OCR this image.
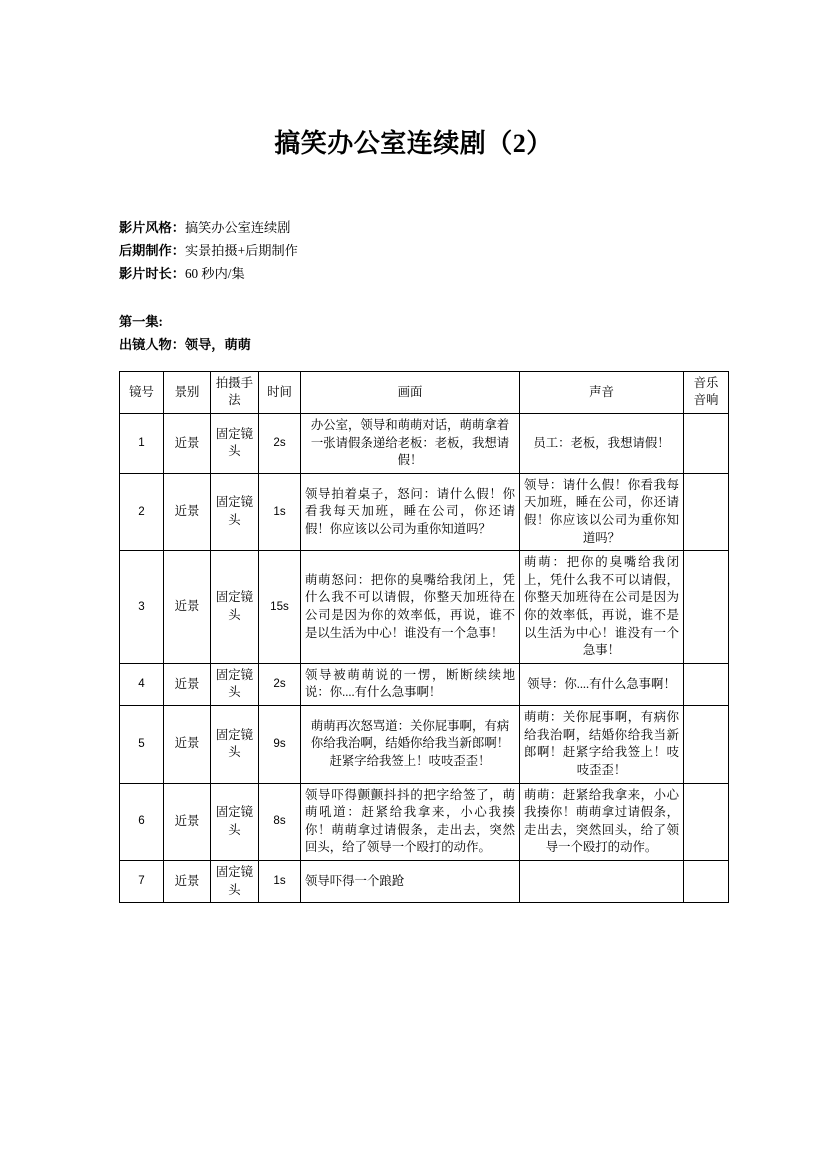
搞笑办公室连续剧（2）
影片风格：搞笑办公室连续剧
后期制作：实景拍摄+后期制作
影片时长：60 秒内/集
第一集:
出镜人物：领导，萌萌
镜号	景别	拍摄手法	时间	画面	声音	音乐音响
1	近景	固定镜头	2s	办公室，领导和萌萌对话，萌萌拿着一张请假条递给老板：老板，我想请假！	员工：老板，我想请假！	
2	近景	固定镜头	1s	领导拍着桌子，怒问：请什么假！你看我每天加班，睡在公司，你还请假！你应该以公司为重你知道吗？	领导：请什么假！你看我每天加班，睡在公司，你还请假！你应该以公司为重你知道吗？	
3	近景	固定镜头	15s	萌萌怒问：把你的臭嘴给我闭上，凭什么我不可以请假，你整天加班待在公司是因为你的效率低，再说，谁不是以生活为中心！谁没有一个急事！	萌萌：把你的臭嘴给我闭上，凭什么我不可以请假，你整天加班待在公司是因为你的效率低，再说，谁不是以生活为中心！谁没有一个急事！	
4	近景	固定镜头	2s	领导被萌萌说的一愣，断断续续地说：你....有什么急事啊！	领导：你....有什么急事啊！	
5	近景	固定镜头	9s	萌萌再次怒骂道：关你屁事啊，有病你给我治啊，结婚你给我当新郎啊！赶紧字给我签上！吱吱歪歪！	萌萌：关你屁事啊，有病你给我治啊，结婚你给我当新郎啊！赶紧字给我签上！吱吱歪歪！	
6	近景	固定镜头	8s	领导吓得颤颤抖抖的把字给签了，萌萌吼道：赶紧给我拿来，小心我揍你！萌萌拿过请假条，走出去，突然回头，给了领导一个殴打的动作。	萌萌：赶紧给我拿来，小心我揍你！萌萌拿过请假条，走出去，突然回头，给了领导一个殴打的动作。	
7	近景	固定镜头	1s	领导吓得一个踉跄		
